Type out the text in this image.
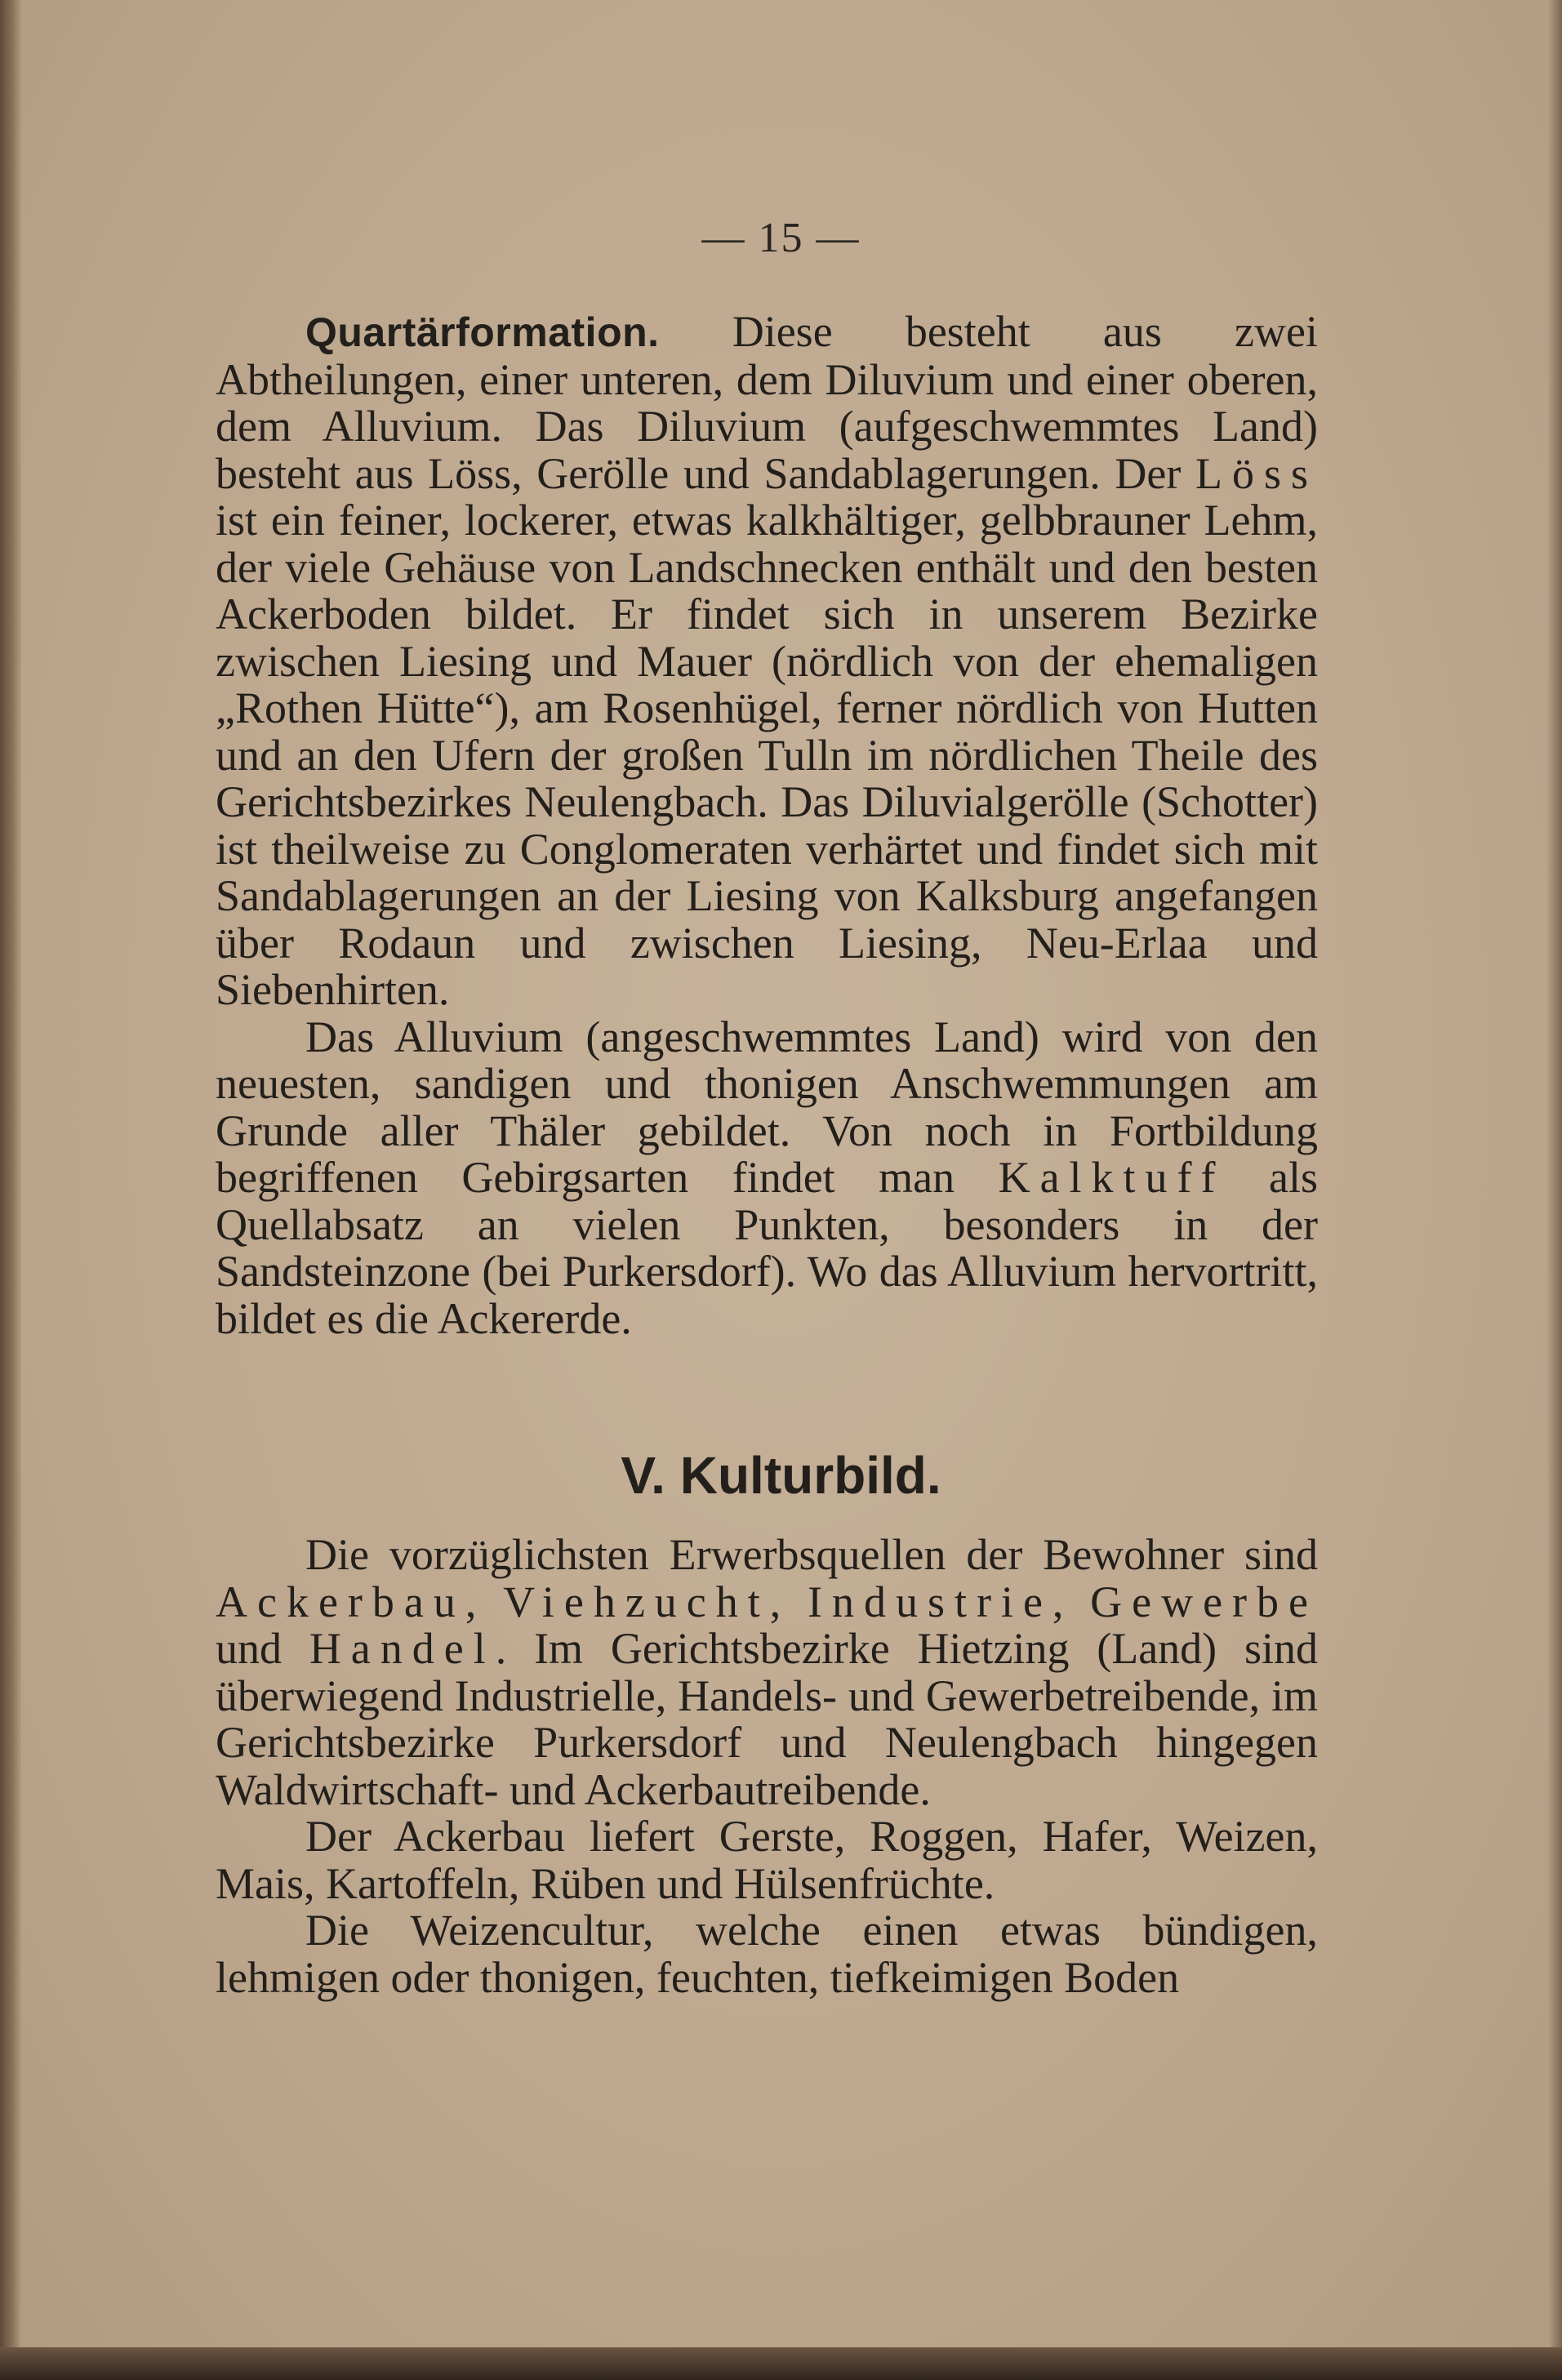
— 15 —

Quartärformation. Diese besteht aus zwei Abtheilungen, einer unteren, dem Diluvium und einer oberen, dem Alluvium. Das Diluvium (aufgeschwemmtes Land) besteht aus Löss, Gerölle und Sandablagerungen. Der Löss ist ein feiner, lockerer, etwas kalkhältiger, gelbbrauner Lehm, der viele Gehäuse von Landschnecken enthält und den besten Ackerboden bildet. Er findet sich in unserem Bezirke zwischen Liesing und Mauer (nördlich von der ehemaligen „Rothen Hütte“), am Rosenhügel, ferner nördlich von Hutten und an den Ufern der großen Tulln im nördlichen Theile des Gerichtsbezirkes Neulengbach. Das Diluvialgerölle (Schotter) ist theilweise zu Conglomeraten verhärtet und findet sich mit Sandablagerungen an der Liesing von Kalksburg angefangen über Rodaun und zwischen Liesing, Neu-Erlaa und Siebenhirten.

Das Alluvium (angeschwemmtes Land) wird von den neuesten, sandigen und thonigen Anschwemmungen am Grunde aller Thäler gebildet. Von noch in Fortbildung begriffenen Gebirgsarten findet man Kalktuff als Quellabsatz an vielen Punkten, besonders in der Sandsteinzone (bei Purkersdorf). Wo das Alluvium hervortritt, bildet es die Ackererde.

V. Kulturbild.

Die vorzüglichsten Erwerbsquellen der Bewohner sind Ackerbau, Viehzucht, Industrie, Gewerbe und Handel. Im Gerichtsbezirke Hietzing (Land) sind überwiegend Industrielle, Handels- und Gewerbetreibende, im Gerichtsbezirke Purkersdorf und Neulengbach hingegen Waldwirtschaft- und Ackerbautreibende.

Der Ackerbau liefert Gerste, Roggen, Hafer, Weizen, Mais, Kartoffeln, Rüben und Hülsenfrüchte.

Die Weizencultur, welche einen etwas bündigen, lehmigen oder thonigen, feuchten, tiefkeimigen Boden
